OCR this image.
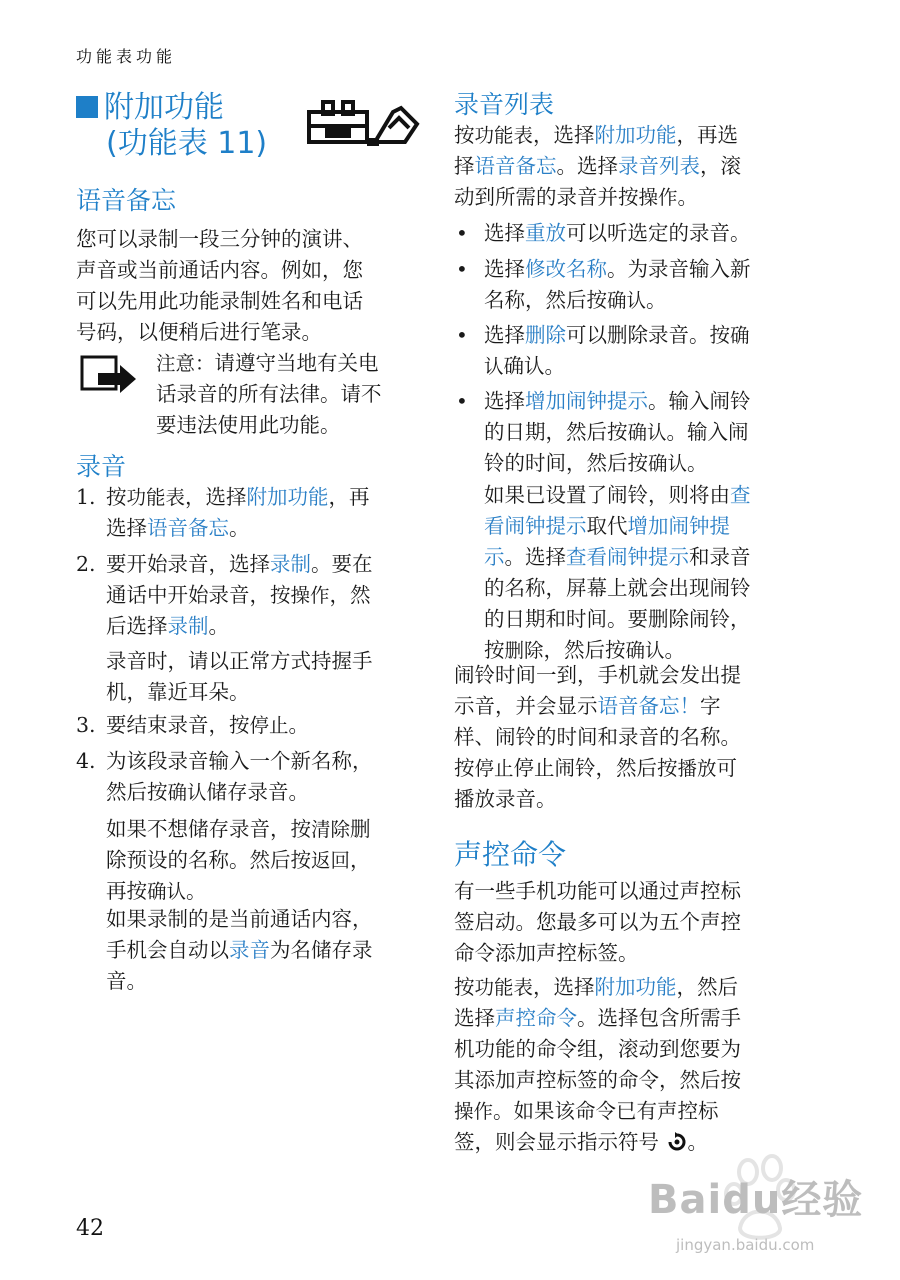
功能表功能
附加功能
(功能表 11)
语音备忘
您可以录制一段三分钟的演讲、
声音或当前通话内容。例如，您
可以先用此功能录制姓名和电话
号码，以便稍后进行笔录。
注意：请遵守当地有关电
话录音的所有法律。请不
要违法使用此功能。
录音
1. 按功能表，选择附加功能，再
选择语音备忘。
2. 要开始录音，选择录制。要在
通话中开始录音，按操作，然
后选择录制。
录音时，请以正常方式持握手
机，靠近耳朵。
3. 要结束录音，按停止。
4. 为该段录音输入一个新名称，
然后按确认储存录音。
如果不想储存录音，按清除删
除预设的名称。然后按返回，
再按确认。
如果录制的是当前通话内容，
手机会自动以录音为名储存录
音。
录音列表
按功能表，选择附加功能，再选
择语音备忘。选择录音列表，滚
动到所需的录音并按操作。
• 选择重放可以听选定的录音。
• 选择修改名称。为录音输入新
名称，然后按确认。
• 选择删除可以删除录音。按确
认确认。
• 选择增加闹钟提示。输入闹铃
的日期，然后按确认。输入闹
铃的时间，然后按确认。
如果已设置了闹铃，则将由查
看闹钟提示取代增加闹钟提
示。选择查看闹钟提示和录音
的名称，屏幕上就会出现闹铃
的日期和时间。要删除闹铃，
按删除，然后按确认。
闹铃时间一到，手机就会发出提
示音，并会显示语音备忘！字
样、闹铃的时间和录音的名称。
按停止停止闹铃，然后按播放可
播放录音。
声控命令
有一些手机功能可以通过声控标
签启动。您最多可以为五个声控
命令添加声控标签。
按功能表，选择附加功能，然后
选择声控命令。选择包含所需手
机功能的命令组，滚动到您要为
其添加声控标签的命令，然后按
操作。如果该命令已有声控标
签，则会显示指示符号 。
42
Baidu经验
jingyan.baidu.com
